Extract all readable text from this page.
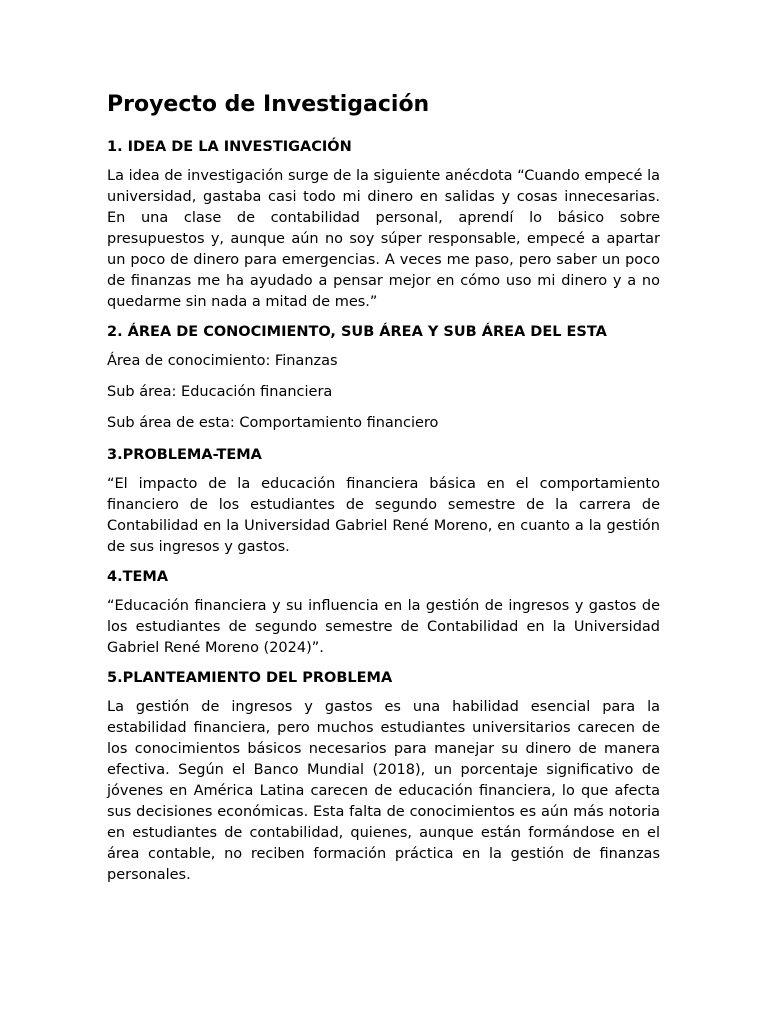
Proyecto de Investigación
1. IDEA DE LA INVESTIGACIÓN

La idea de investigación surge de la siguiente anécdota “Cuando empecé la universidad, gastaba casi todo mi dinero en salidas y cosas innecesarias. En una clase de contabilidad personal, aprendí lo básico sobre presupuestos y, aunque aún no soy súper responsable, empecé a apartar un poco de dinero para emergencias. A veces me paso, pero saber un poco de finanzas me ha ayudado a pensar mejor en cómo uso mi dinero y a no quedarme sin nada a mitad de mes.”

2. ÁREA DE CONOCIMIENTO, SUB ÁREA Y SUB ÁREA DEL ESTA

Área de conocimiento: Finanzas

Sub área: Educación financiera

Sub área de esta: Comportamiento financiero

3.PROBLEMA-TEMA

“El impacto de la educación financiera básica en el comportamiento financiero de los estudiantes de segundo semestre de la carrera de Contabilidad en la Universidad Gabriel René Moreno, en cuanto a la gestión de sus ingresos y gastos.

4.TEMA

“Educación financiera y su influencia en la gestión de ingresos y gastos de los estudiantes de segundo semestre de Contabilidad en la Universidad Gabriel René Moreno (2024)”.

5.PLANTEAMIENTO DEL PROBLEMA

La gestión de ingresos y gastos es una habilidad esencial para la estabilidad financiera, pero muchos estudiantes universitarios carecen de los conocimientos básicos necesarios para manejar su dinero de manera efectiva. Según el Banco Mundial (2018), un porcentaje significativo de jóvenes en América Latina carecen de educación financiera, lo que afecta sus decisiones económicas. Esta falta de conocimientos es aún más notoria en estudiantes de contabilidad, quienes, aunque están formándose en el área contable, no reciben formación práctica en la gestión de finanzas personales.
